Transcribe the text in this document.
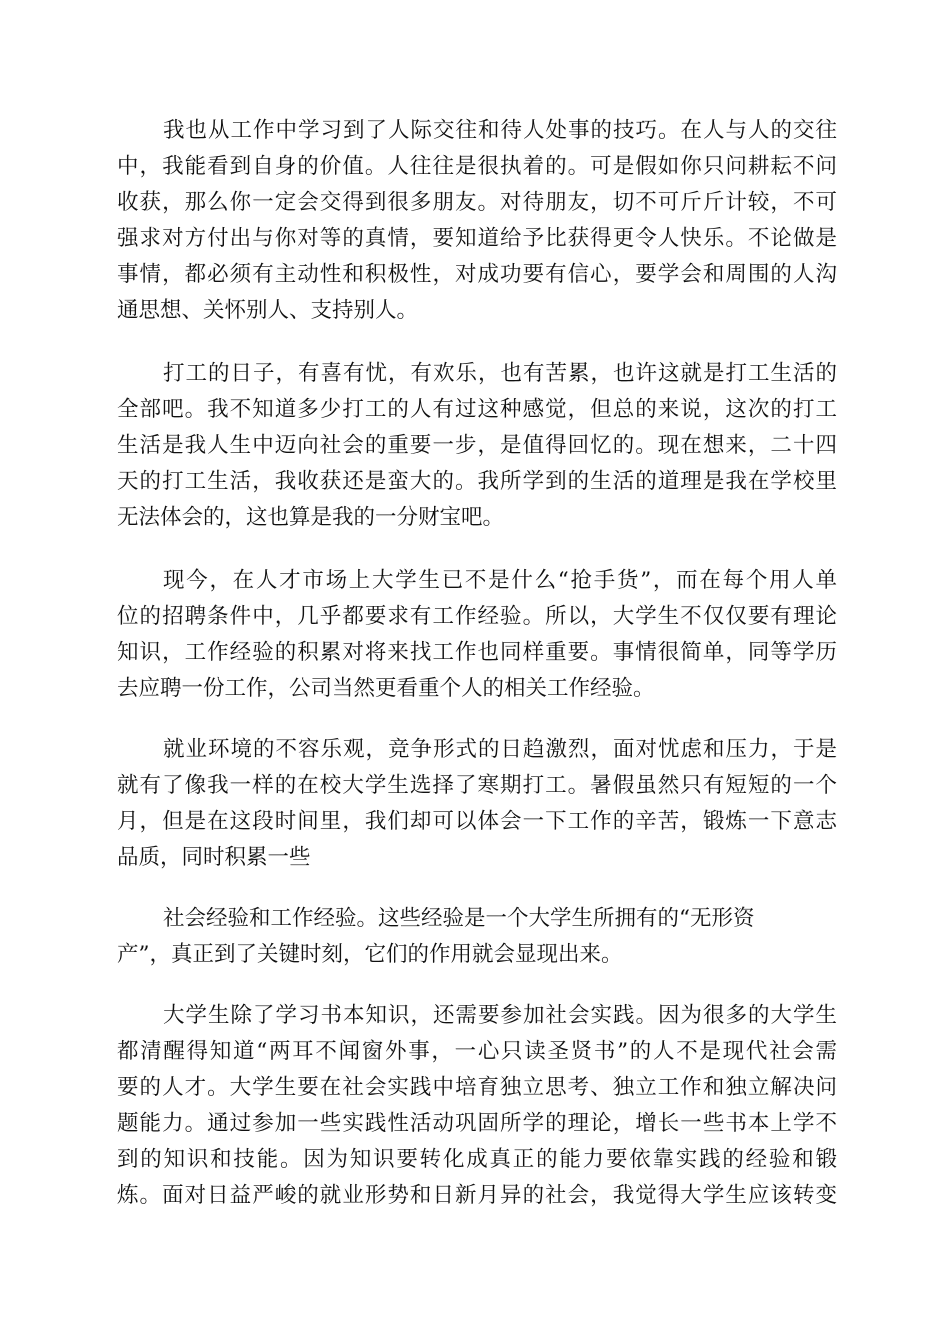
我也从工作中学习到了人际交往和待人处事的技巧。在人与人的交往

中，我能看到自身的价值。人往往是很执着的。可是假如你只问耕耘不问

收获，那么你一定会交得到很多朋友。对待朋友，切不可斤斤计较，不可

强求对方付出与你对等的真情，要知道给予比获得更令人快乐。不论做是

事情，都必须有主动性和积极性，对成功要有信心，要学会和周围的人沟

通思想、关怀别人、支持别人。

打工的日子，有喜有忧，有欢乐，也有苦累，也许这就是打工生活的

全部吧。我不知道多少打工的人有过这种感觉，但总的来说，这次的打工

生活是我人生中迈向社会的重要一步，是值得回忆的。现在想来，二十四

天的打工生活，我收获还是蛮大的。我所学到的生活的道理是我在学校里

无法体会的，这也算是我的一分财宝吧。

现今，在人才市场上大学生已不是什么“抢手货”，而在每个用人单

位的招聘条件中，几乎都要求有工作经验。所以，大学生不仅仅要有理论

知识，工作经验的积累对将来找工作也同样重要。事情很简单，同等学历

去应聘一份工作，公司当然更看重个人的相关工作经验。

就业环境的不容乐观，竞争形式的日趋激烈，面对忧虑和压力，于是

就有了像我一样的在校大学生选择了寒期打工。暑假虽然只有短短的一个

月，但是在这段时间里，我们却可以体会一下工作的辛苦，锻炼一下意志

品质，同时积累一些

社会经验和工作经验。这些经验是一个大学生所拥有的“无形资

产”，真正到了关键时刻，它们的作用就会显现出来。

大学生除了学习书本知识，还需要参加社会实践。因为很多的大学生

都清醒得知道“两耳不闻窗外事，一心只读圣贤书”的人不是现代社会需

要的人才。大学生要在社会实践中培育独立思考、独立工作和独立解决问

题能力。通过参加一些实践性活动巩固所学的理论，增长一些书本上学不

到的知识和技能。因为知识要转化成真正的能力要依靠实践的经验和锻

炼。面对日益严峻的就业形势和日新月异的社会，我觉得大学生应该转变
